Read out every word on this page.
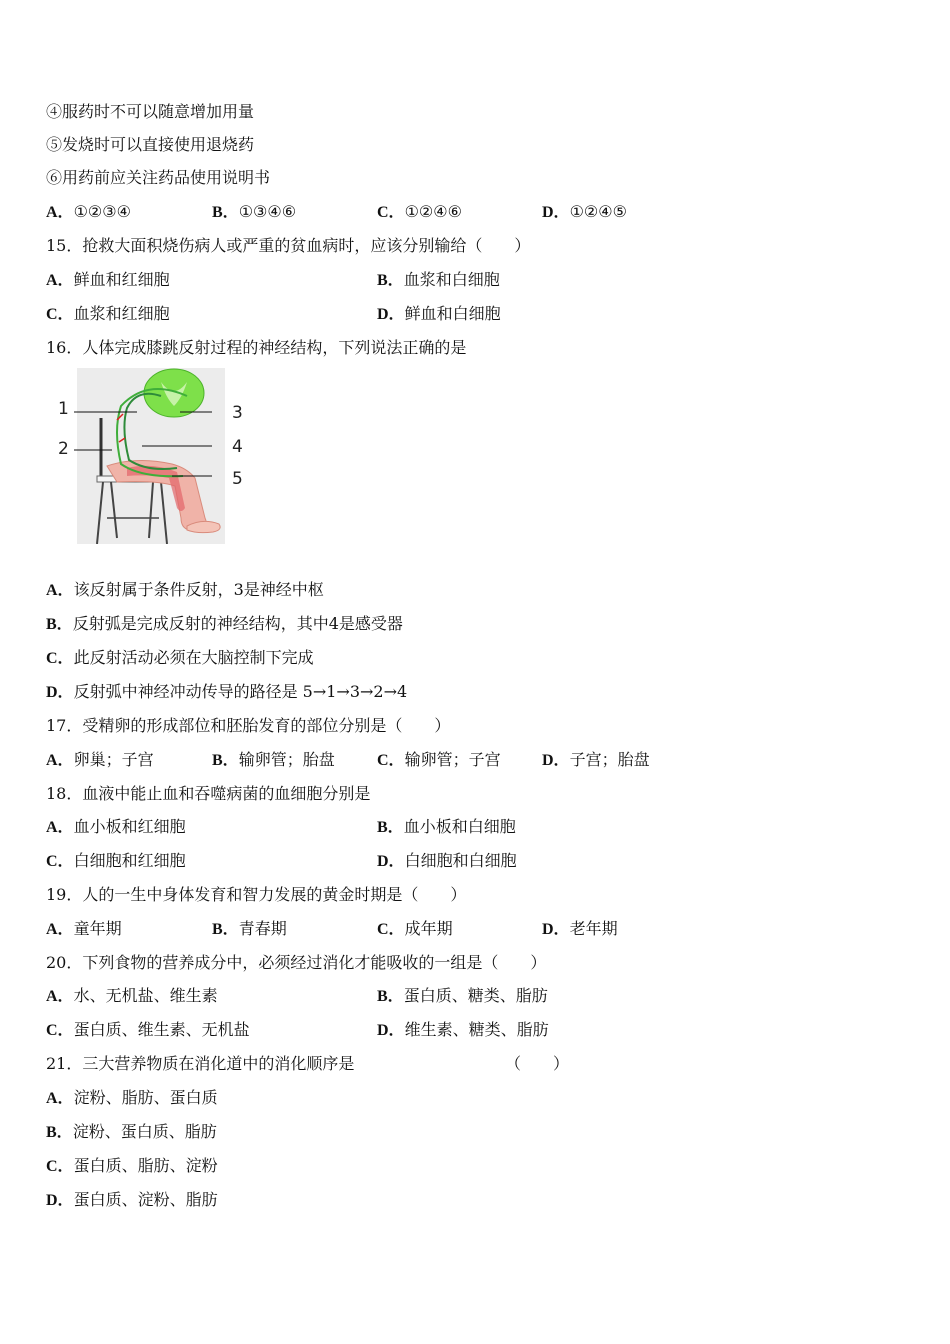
④服药时不可以随意增加用量
⑤发烧时可以直接使用退烧药
⑥用药前应关注药品使用说明书
A．①②③④	B．①③④⑥	C．①②④⑥	D．①②④⑤
15．抢救大面积烧伤病人或严重的贫血病时，应该分别输给（　　）
A．鲜血和红细胞	B．血浆和白细胞
C．血浆和红细胞	D．鲜血和白细胞
16．人体完成膝跳反射过程的神经结构，下列说法正确的是
1
2
3
4
5
A．该反射属于条件反射，3是神经中枢
B．反射弧是完成反射的神经结构，其中4是感受器
C．此反射活动必须在大脑控制下完成
D．反射弧中神经冲动传导的路径是 5→1→3→2→4
17．受精卵的形成部位和胚胎发育的部位分别是（　　）
A．卵巢；子宫	B．输卵管；胎盘	C．输卵管；子宫	D．子宫；胎盘
18．血液中能止血和吞噬病菌的血细胞分别是
A．血小板和红细胞	B．血小板和白细胞
C．白细胞和红细胞	D．白细胞和白细胞
19．人的一生中身体发育和智力发展的黄金时期是（　　）
A．童年期	B．青春期	C．成年期	D．老年期
20．下列食物的营养成分中，必须经过消化才能吸收的一组是（　　）
A．水、无机盐、维生素	B．蛋白质、糖类、脂肪
C．蛋白质、维生素、无机盐	D．维生素、糖类、脂肪
21．三大营养物质在消化道中的消化顺序是	（　　）
A．淀粉、脂肪、蛋白质
B．淀粉、蛋白质、脂肪
C．蛋白质、脂肪、淀粉
D．蛋白质、淀粉、脂肪
